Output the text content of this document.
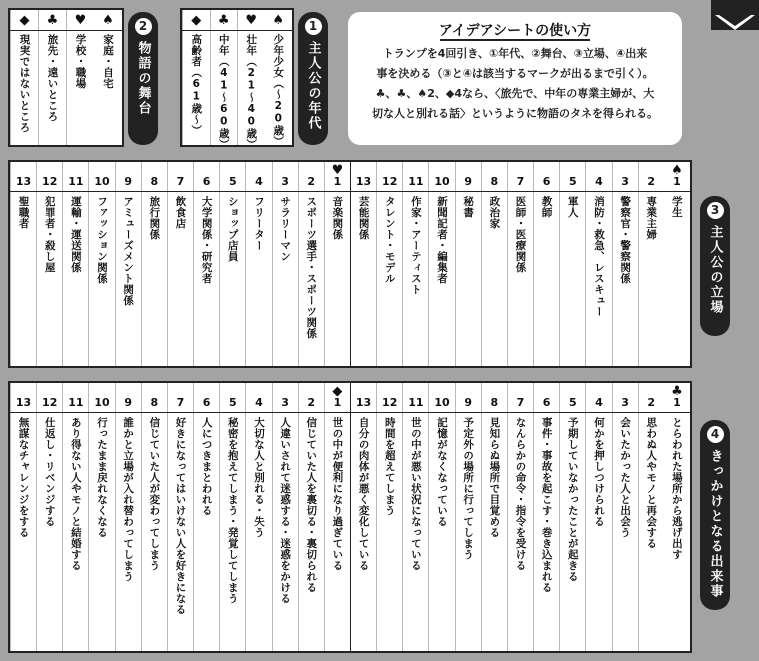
♠
家庭・自宅
♥
学校・職場
♣
旅先・遠いところ
◆
現実ではないところ
2
物語の舞台
♠
少年少女（〜20歳）
♥
壮年（21〜40歳）
♣
中年（41〜60歳）
◆
高齢者（61歳〜）
1
主人公の年代
アイデアシートの使い方
トランプを4回引き、①年代、②舞台、③立場、④出来
事を決める（③と④は該当するマークが出るまで引く）。
♣、♣、♠2、◆4なら、〈旅先で、中年の専業主婦が、大
切な人と別れる話〉というように物語のタネを得られる。
♠
1
学生
2
専業主婦
3
警察官・警察関係
4
消防・救急、レスキュー
5
軍人
6
教師
7
医師・医療関係
8
政治家
9
秘書
10
新聞記者・編集者
11
作家・アーティスト
12
タレント・モデル
13
芸能関係
♥
1
音楽関係
2
スポーツ選手・スポーツ関係
3
サラリーマン
4
フリーター
5
ショップ店員
6
大学関係・研究者
7
飲食店
8
旅行関係
9
アミューズメント関係
10
ファッション関係
11
運輸・運送関係
12
犯罪者・殺し屋
13
聖職者	3
主人公の立場
♣
1
とらわれた場所から逃げ出す
2
思わぬ人やモノと再会する
3
会いたかった人と出会う
4
何かを押しつけられる
5
予期していなかったことが起きる
6
事件・事故を起こす・巻き込まれる
7
なんらかの命令・指令を受ける
8
見知らぬ場所で目覚める
9
予定外の場所に行ってしまう
10
記憶がなくなっている
11
世の中が悪い状況になっている
12
時間を超えてしまう
13
自分の肉体が悪く変化している
◆
1
世の中が便利になり過ぎている
2
信じていた人を裏切る・裏切られる
3
人違いされて迷惑する・迷惑をかける
4
大切な人と別れる・失う
5
秘密を抱えてしまう・発覚してしまう
6
人につきまとわれる
7
好きになってはいけない人を好きになる
8
信じていた人が変わってしまう
9
誰かと立場が入れ替わってしまう
10
行ったまま戻れなくなる
11
あり得ない人やモノと結婚する
12
仕返し・リベンジする
13
無謀なチャレンジをする	4
きっかけとなる出来事
